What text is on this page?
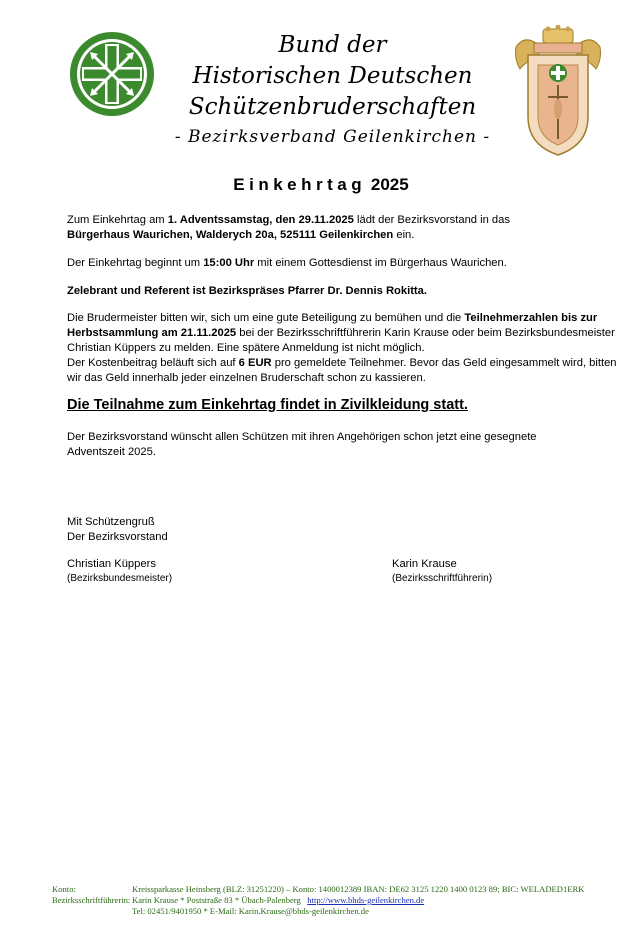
Bund der
Historischen Deutschen
Schützenbruderschaften
- Bezirksverband Geilenkirchen -
Einkehrtag 2025
Zum Einkehrtag am 1. Adventssamstag, den 29.11.2025 lädt der Bezirksvorstand in das
Bürgerhaus Waurichen, Walderych 20a, 525111 Geilenkirchen ein.
Der Einkehrtag beginnt um 15:00 Uhr mit einem Gottesdienst im Bürgerhaus Waurichen.
Zelebrant und Referent ist Bezirkspräses Pfarrer Dr. Dennis Rokitta.
Die Brudermeister bitten wir, sich um eine gute Beteiligung zu bemühen und die Teilnehmerzahlen bis zur Herbstsammlung am 21.11.2025 bei der Bezirksschriftführerin Karin Krause oder beim Bezirksbundesmeister Christian Küppers zu melden. Eine spätere Anmeldung ist nicht möglich.
Der Kostenbeitrag beläuft sich auf 6 EUR pro gemeldete Teilnehmer. Bevor das Geld eingesammelt wird, bitten wir das Geld innerhalb jeder einzelnen Bruderschaft schon zu kassieren.
Die Teilnahme zum Einkehrtag findet in Zivilkleidung statt.
Der Bezirksvorstand wünscht allen Schützen mit ihren Angehörigen schon jetzt eine gesegnete Adventszeit 2025.
Mit Schützengruß
Der Bezirksvorstand
Christian Küppers
(Bezirksbundesmeister)
Karin Krause
(Bezirksschriftführerin)
Konto:	Kreissparkasse Heinsberg (BLZ: 31251220) – Konto: 1400012389 IBAN: DE62 3125 1220 1400 0123 89; BIC: WELADED1ERK
Bezirksschriftführerin: Karin Krause * Poststraße 83 * Übach-Palenberg http://www.bhds-geilenkirchen.de
Tel: 02451/9401950 * E-Mail: Karin.Krause@bhds-geilenkirchen.de
